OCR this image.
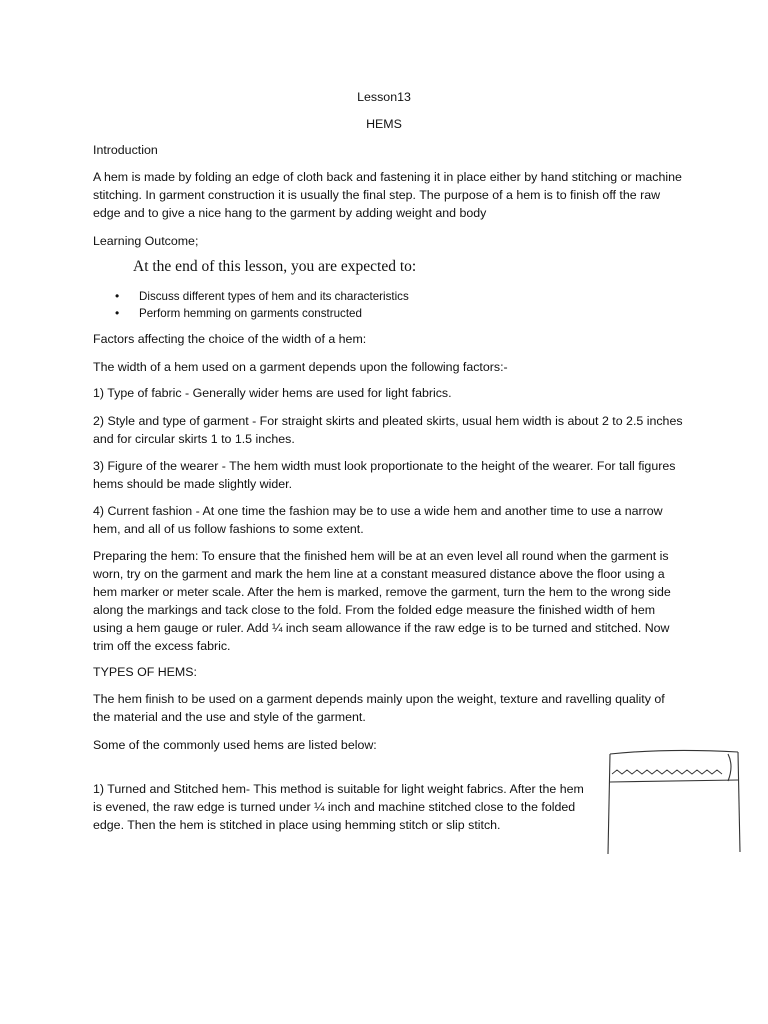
Lesson13
HEMS

Introduction

A hem is made by folding an edge of cloth back and fastening it in place either by hand stitching or machine stitching. In garment construction it is usually the final step. The purpose of a hem is to finish off the raw edge and to give a nice hang to the garment by adding weight and body

Learning Outcome;

At the end of this lesson, you are expected to:

• Discuss different types of hem and its characteristics
• Perform hemming on garments constructed

Factors affecting the choice of the width of a hem:

The width of a hem used on a garment depends upon the following factors:-

1) Type of fabric - Generally wider hems are used for light fabrics.

2) Style and type of garment - For straight skirts and pleated skirts, usual hem width is about 2 to 2.5 inches and for circular skirts 1 to 1.5 inches.

3) Figure of the wearer - The hem width must look proportionate to the height of the wearer. For tall figures hems should be made slightly wider.

4) Current fashion - At one time the fashion may be to use a wide hem and another time to use a narrow hem, and all of us follow fashions to some extent.

Preparing the hem: To ensure that the finished hem will be at an even level all round when the garment is worn, try on the garment and mark the hem line at a constant measured distance above the floor using a hem marker or meter scale. After the hem is marked, remove the garment, turn the hem to the wrong side along the markings and tack close to the fold. From the folded edge measure the finished width of hem using a hem gauge or ruler. Add ¼ inch seam allowance if the raw edge is to be turned and stitched. Now trim off the excess fabric.

TYPES OF HEMS:

The hem finish to be used on a garment depends mainly upon the weight, texture and ravelling quality of the material and the use and style of the garment.

Some of the commonly used hems are listed below:

1) Turned and Stitched hem- This method is suitable for light weight fabrics. After the hem is evened, the raw edge is turned under ¼ inch and machine stitched close to the folded edge. Then the hem is stitched in place using hemming stitch or slip stitch.
